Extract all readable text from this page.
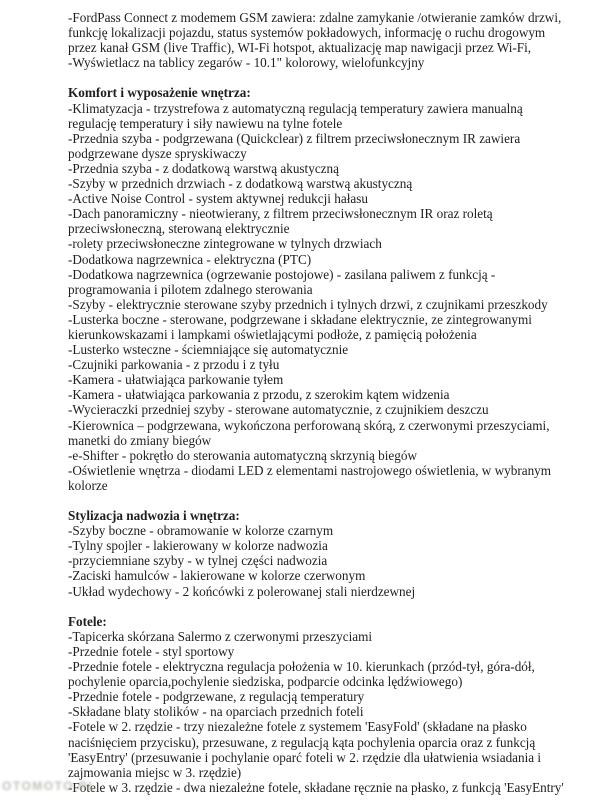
-FordPass Connect z modemem GSM zawiera: zdalne zamykanie /otwieranie zamków drzwi,
funkcję lokalizacji pojazdu, status systemów pokładowych, informację o ruchu drogowym
przez kanał GSM (live Traffic), WI-Fi hotspot, aktualizację map nawigacji przez Wi-Fi,
-Wyświetlacz na tablicy zegarów - 10.1" kolorowy, wielofunkcyjny
Komfort i wyposażenie wnętrza:
-Klimatyzacja - trzystrefowa z automatyczną regulacją temperatury zawiera manualną
regulację temperatury i siły nawiewu na tylne fotele
-Przednia szyba - podgrzewana (Quickclear) z filtrem przeciwsłonecznym IR zawiera
podgrzewane dysze spryskiwaczy
-Przednia szyba - z dodatkową warstwą akustyczną
-Szyby w przednich drzwiach - z dodatkową warstwą akustyczną
-Active Noise Control - system aktywnej redukcji hałasu
-Dach panoramiczny - nieotwierany, z filtrem przeciwsłonecznym IR oraz roletą
przeciwsłoneczną, sterowaną elektrycznie
-rolety przeciwsłoneczne zintegrowane w tylnych drzwiach
-Dodatkowa nagrzewnica - elektryczna (PTC)
-Dodatkowa nagrzewnica (ogrzewanie postojowe) - zasilana paliwem z funkcją -
programowania i pilotem zdalnego sterowania
-Szyby - elektrycznie sterowane szyby przednich i tylnych drzwi, z czujnikami przeszkody
-Lusterka boczne - sterowane, podgrzewane i składane elektrycznie, ze zintegrowanymi
kierunkowskazami i lampkami oświetlającymi podłoże, z pamięcią położenia
-Lusterko wsteczne - ściemniające się automatycznie
-Czujniki parkowania - z przodu i z tyłu
-Kamera - ułatwiająca parkowanie tyłem
-Kamera - ułatwiająca parkowania z przodu, z szerokim kątem widzenia
-Wycieraczki przedniej szyby - sterowane automatycznie, z czujnikiem deszczu
-Kierownica – podgrzewana, wykończona perforowaną skórą, z czerwonymi przeszyciami,
manetki do zmiany biegów
-e-Shifter - pokrętło do sterowania automatyczną skrzynią biegów
-Oświetlenie wnętrza - diodami LED z elementami nastrojowego oświetlenia, w wybranym
kolorze
Stylizacja nadwozia i wnętrza:
-Szyby boczne - obramowanie w kolorze czarnym
-Tylny spojler - lakierowany w kolorze nadwozia
-przyciemniane szyby - w tylnej części nadwozia
-Zaciski hamulców - lakierowane w kolorze czerwonym
-Układ wydechowy - 2 końcówki z polerowanej stali nierdzewnej
Fotele:
-Tapicerka skórzana Salermo z czerwonymi przeszyciami
-Przednie fotele - styl sportowy
-Przednie fotele - elektryczna regulacja położenia w 10. kierunkach (przód-tył, góra-dół,
pochylenie oparcia,pochylenie siedziska, podparcie odcinka lędźwiowego)
-Przednie fotele - podgrzewane, z regulacją temperatury
-Składane blaty stolików - na oparciach przednich foteli
-Fotele w 2. rzędzie - trzy niezależne fotele z systemem 'EasyFold' (składane na płasko
naciśnięciem przycisku), przesuwane, z regulacją kąta pochylenia oparcia oraz z funkcją
'EasyEntry' (przesuwanie i pochylanie oparć foteli w 2. rzędzie dla ułatwienia wsiadania i
zajmowania miejsc w 3. rzędzie)
-Fotele w 3. rzędzie - dwa niezależne fotele, składane ręcznie na płasko, z funkcją 'EasyEntry'
OTOMOTO.PL
